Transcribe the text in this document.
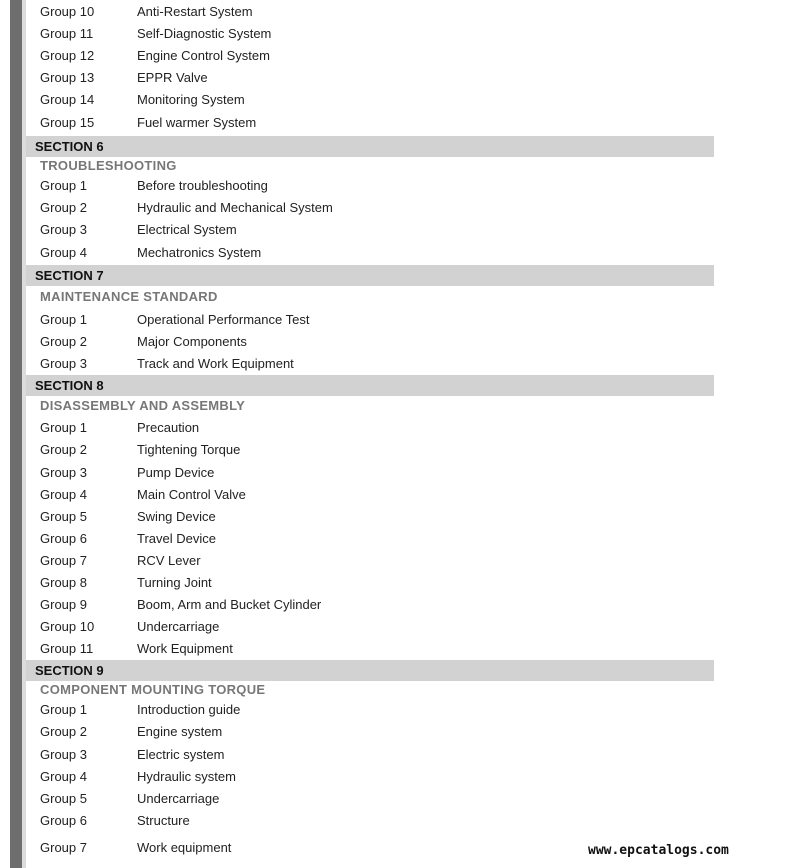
Group 10	Anti-Restart System
Group 11	Self-Diagnostic System
Group 12	Engine Control System
Group 13	EPPR Valve
Group 14	Monitoring System
Group 15	Fuel warmer System
SECTION 6
TROUBLESHOOTING
Group 1	Before troubleshooting
Group 2	Hydraulic and Mechanical System
Group 3	Electrical System
Group 4	Mechatronics System
SECTION 7
MAINTENANCE STANDARD
Group 1	Operational Performance Test
Group 2	Major Components
Group 3	Track and Work Equipment
SECTION 8
DISASSEMBLY AND ASSEMBLY
Group 1	Precaution
Group 2	Tightening Torque
Group 3	Pump Device
Group 4	Main Control Valve
Group 5	Swing Device
Group 6	Travel Device
Group 7	RCV Lever
Group 8	Turning Joint
Group 9	Boom, Arm and Bucket Cylinder
Group 10	Undercarriage
Group 11	Work Equipment
SECTION 9
COMPONENT MOUNTING TORQUE
Group 1	Introduction guide
Group 2	Engine system
Group 3	Electric system
Group 4	Hydraulic system
Group 5	Undercarriage
Group 6	Structure
Group 7	Work equipment	www.epcatalogs.com
